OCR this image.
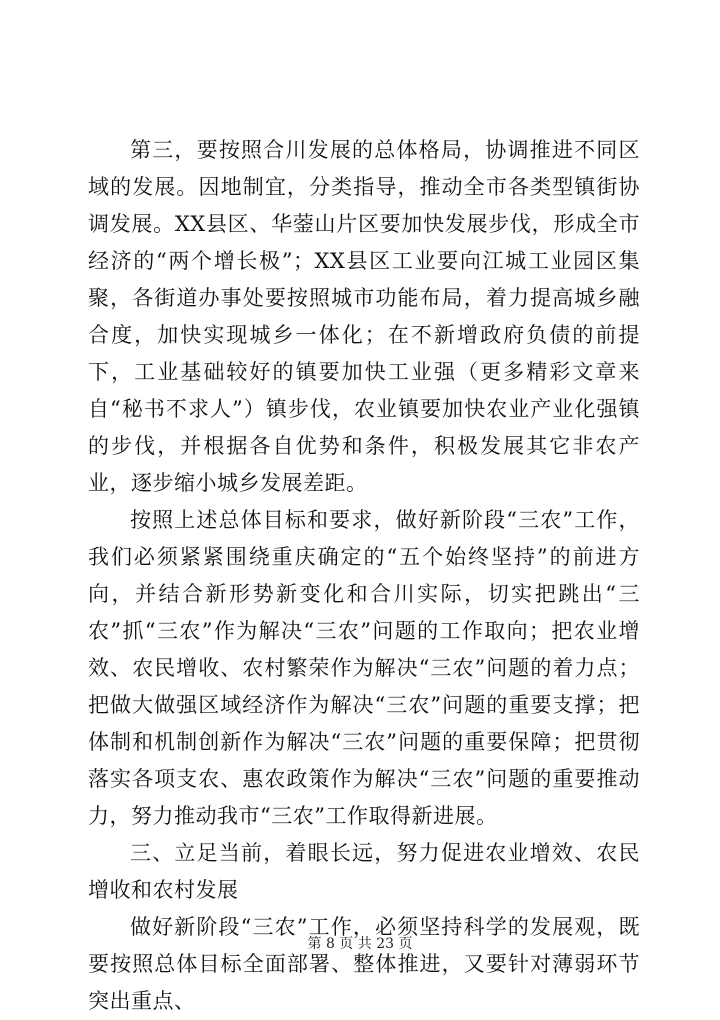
第三，要按照合川发展的总体格局，协调推进不同区域的发展。因地制宜，分类指导，推动全市各类型镇街协调发展。XX县区、华蓥山片区要加快发展步伐，形成全市经济的“两个增长极”；XX县区工业要向江城工业园区集聚，各街道办事处要按照城市功能布局，着力提高城乡融合度，加快实现城乡一体化；在不新增政府负债的前提下，工业基础较好的镇要加快工业强（更多精彩文章来自“秘书不求人”）镇步伐，农业镇要加快农业产业化强镇的步伐，并根据各自优势和条件，积极发展其它非农产业，逐步缩小城乡发展差距。

按照上述总体目标和要求，做好新阶段“三农”工作，我们必须紧紧围绕重庆确定的“五个始终坚持”的前进方向，并结合新形势新变化和合川实际，切实把跳出“三农”抓“三农”作为解决“三农”问题的工作取向；把农业增效、农民增收、农村繁荣作为解决“三农”问题的着力点；把做大做强区域经济作为解决“三农”问题的重要支撑；把体制和机制创新作为解决“三农”问题的重要保障；把贯彻落实各项支农、惠农政策作为解决“三农”问题的重要推动力，努力推动我市“三农”工作取得新进展。

三、立足当前，着眼长远，努力促进农业增效、农民增收和农村发展

做好新阶段“三农”工作，必须坚持科学的发展观，既要按照总体目标全面部署、整体推进，又要针对薄弱环节突出重点、

第 8 页 共 23 页
